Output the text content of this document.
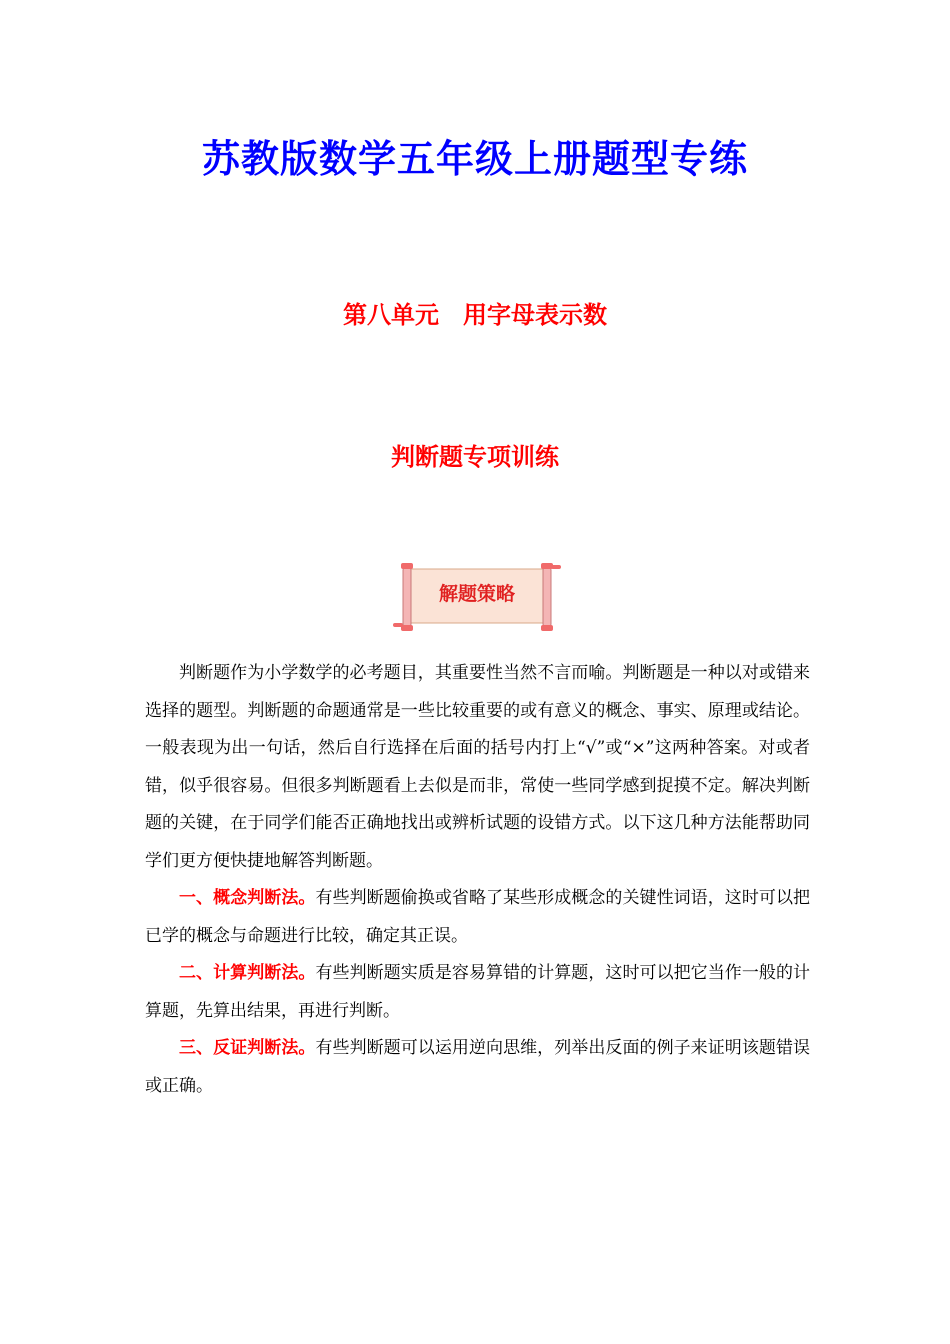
苏教版数学五年级上册题型专练
第八单元　用字母表示数
判断题专项训练
解题策略

判断题作为小学数学的必考题目，其重要性当然不言而喻。判断题是一种以对或错来选择的题型。判断题的命题通常是一些比较重要的或有意义的概念、事实、原理或结论。一般表现为出一句话，然后自行选择在后面的括号内打上“√”或“×”这两种答案。对或者错，似乎很容易。但很多判断题看上去似是而非，常使一些同学感到捉摸不定。解决判断题的关键，在于同学们能否正确地找出或辨析试题的设错方式。以下这几种方法能帮助同学们更方便快捷地解答判断题。

一、概念判断法。有些判断题偷换或省略了某些形成概念的关键性词语，这时可以把已学的概念与命题进行比较，确定其正误。

二、计算判断法。有些判断题实质是容易算错的计算题，这时可以把它当作一般的计算题，先算出结果，再进行判断。

三、反证判断法。有些判断题可以运用逆向思维，列举出反面的例子来证明该题错误或正确。
